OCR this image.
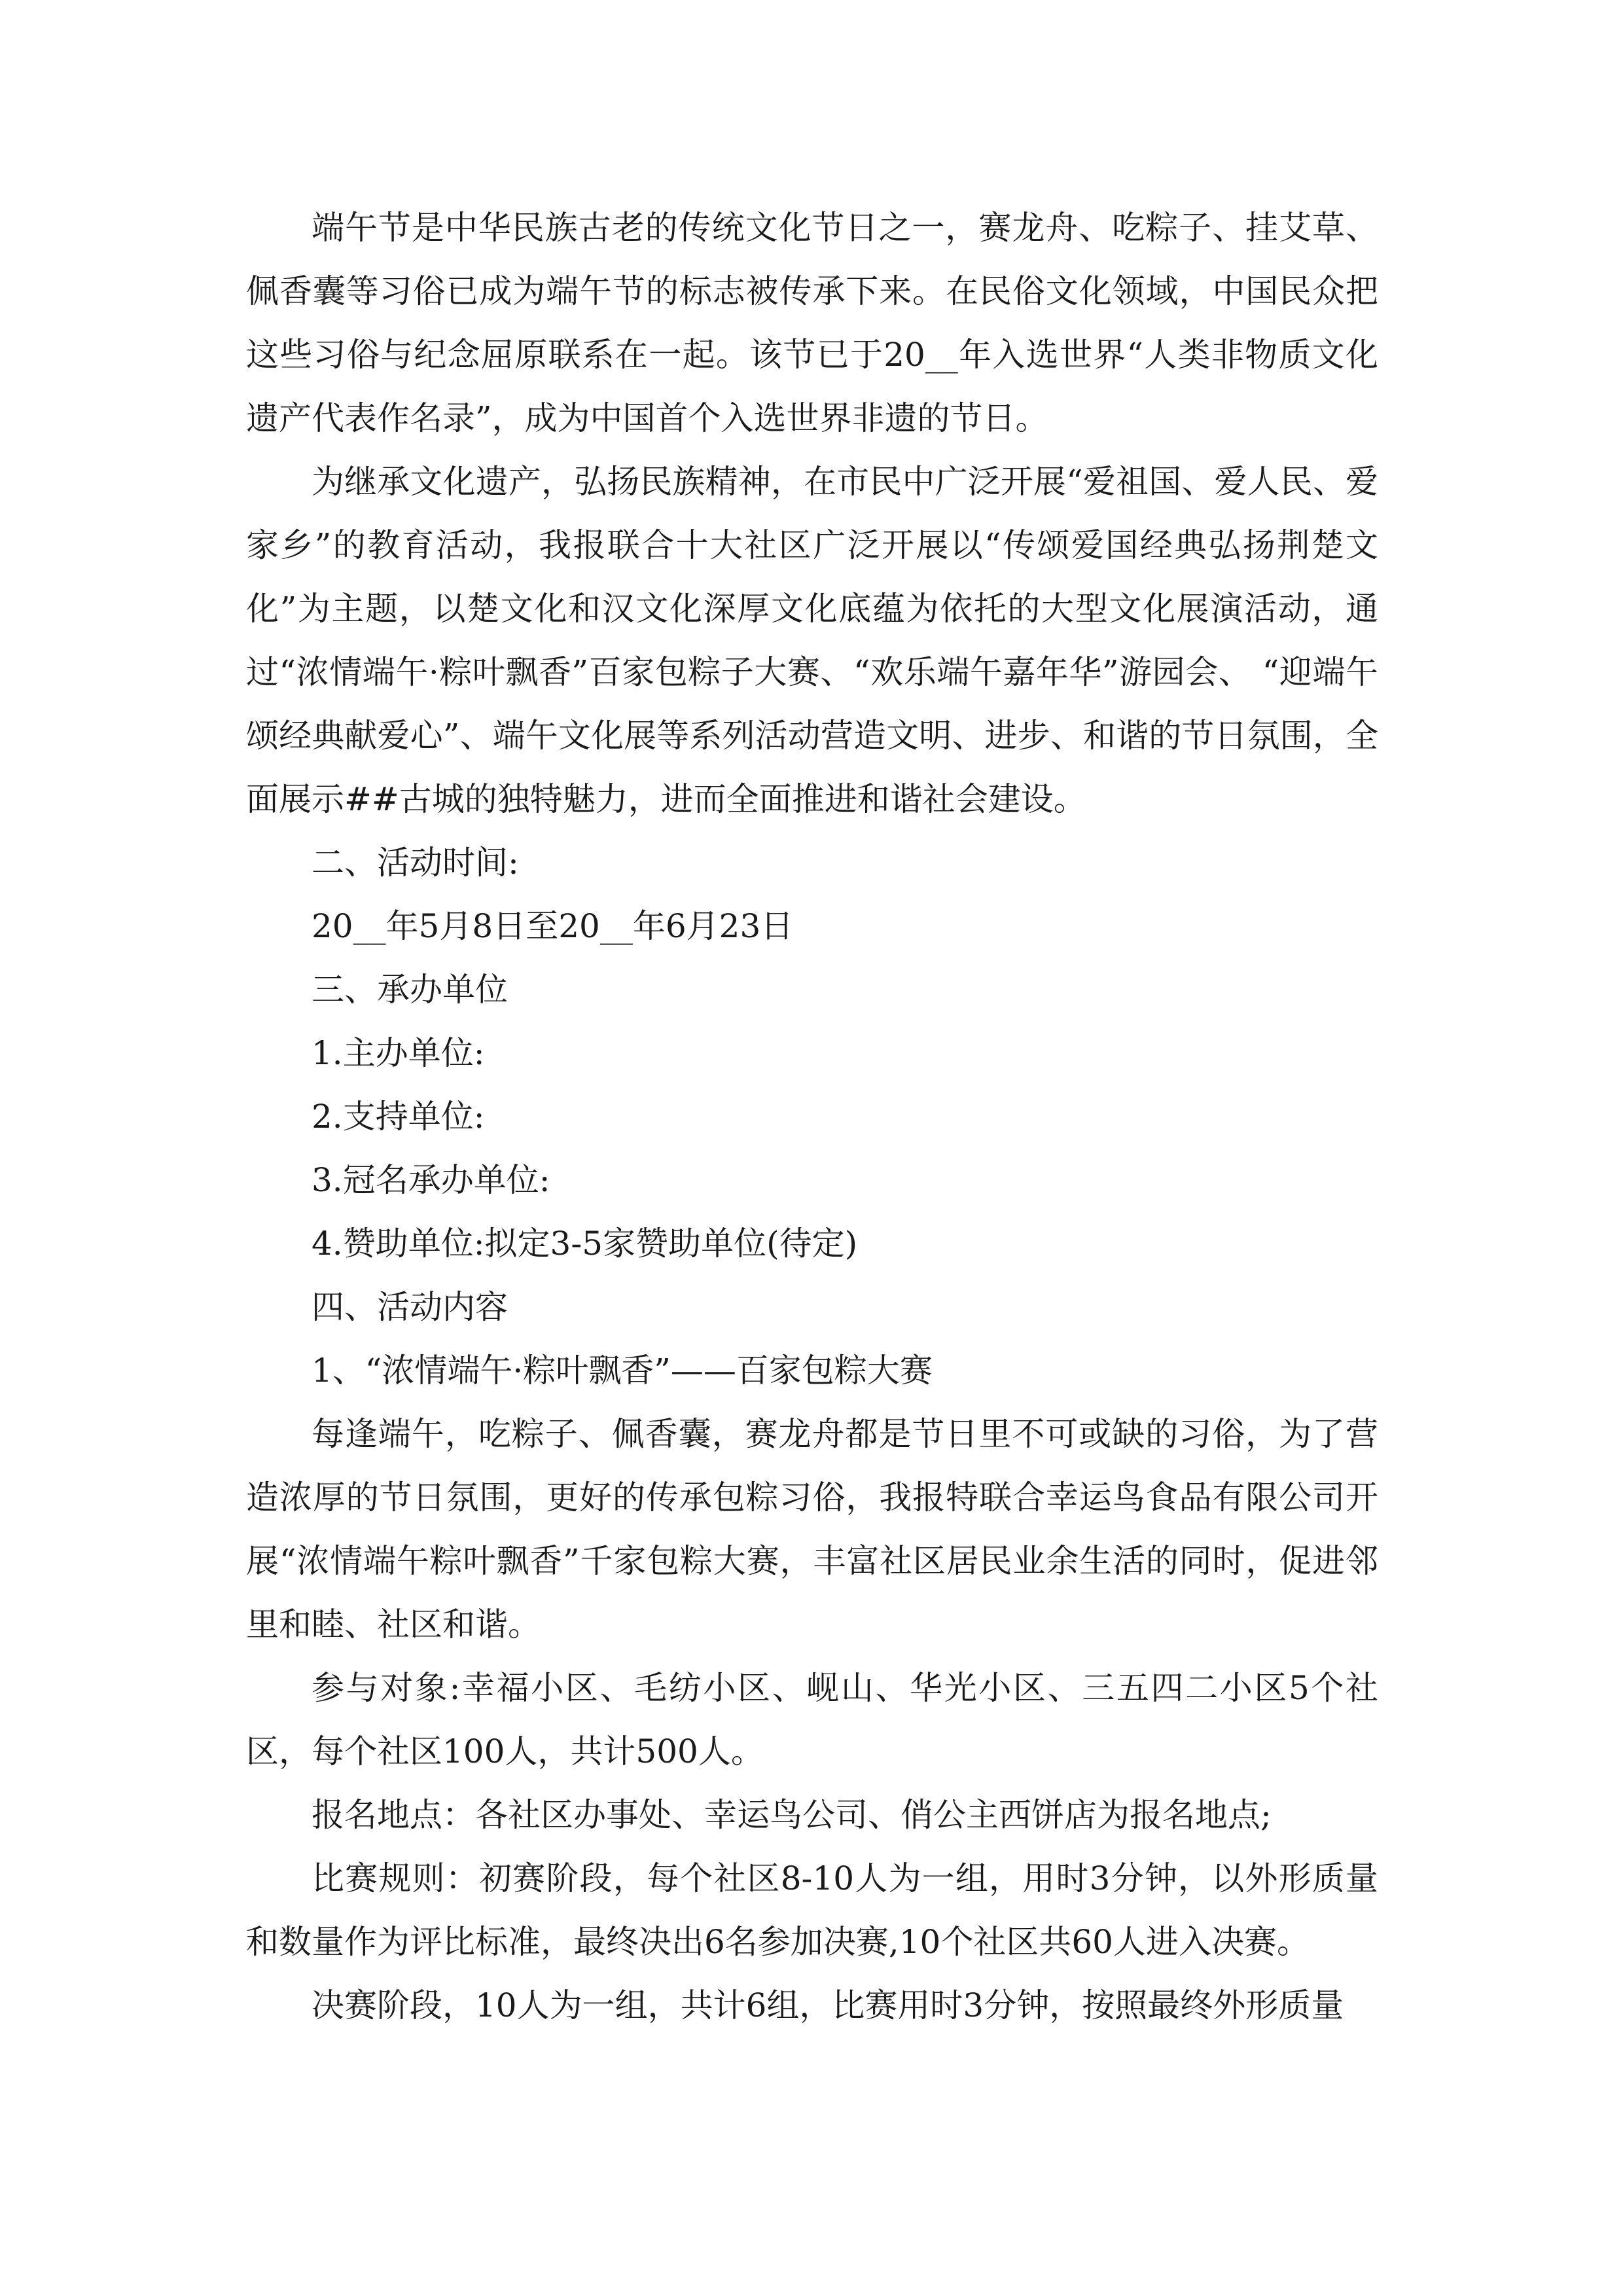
端午节是中华民族古老的传统文化节日之一，赛龙舟、吃粽子、挂艾草、佩香囊等习俗已成为端午节的标志被传承下来。在民俗文化领域，中国民众把这些习俗与纪念屈原联系在一起。该节已于20__年入选世界“人类非物质文化遗产代表作名录”，成为中国首个入选世界非遗的节日。

为继承文化遗产，弘扬民族精神，在市民中广泛开展“爱祖国、爱人民、爱家乡”的教育活动，我报联合十大社区广泛开展以“传颂爱国经典弘扬荆楚文化”为主题，以楚文化和汉文化深厚文化底蕴为依托的大型文化展演活动，通过“浓情端午·粽叶飘香”百家包粽子大赛、“欢乐端午嘉年华”游园会、 “迎端午颂经典献爱心”、端午文化展等系列活动营造文明、进步、和谐的节日氛围，全面展示##古城的独特魅力，进而全面推进和谐社会建设。

二、活动时间:

20__年5月8日至20__年6月23日

三、承办单位

1.主办单位:

2.支持单位:

3.冠名承办单位:

4.赞助单位:拟定3-5家赞助单位(待定)

四、活动内容

1、“浓情端午·粽叶飘香”——百家包粽大赛

每逢端午，吃粽子、佩香囊，赛龙舟都是节日里不可或缺的习俗，为了营造浓厚的节日氛围，更好的传承包粽习俗，我报特联合幸运鸟食品有限公司开展“浓情端午粽叶飘香”千家包粽大赛，丰富社区居民业余生活的同时，促进邻里和睦、社区和谐。

参与对象:幸福小区、毛纺小区、岘山、华光小区、三五四二小区5个社区，每个社区100人，共计500人。

报名地点：各社区办事处、幸运鸟公司、俏公主西饼店为报名地点;

比赛规则：初赛阶段，每个社区8-10人为一组，用时3分钟，以外形质量和数量作为评比标准，最终决出6名参加决赛,10个社区共60人进入决赛。

决赛阶段，10人为一组，共计6组，比赛用时3分钟，按照最终外形质量
